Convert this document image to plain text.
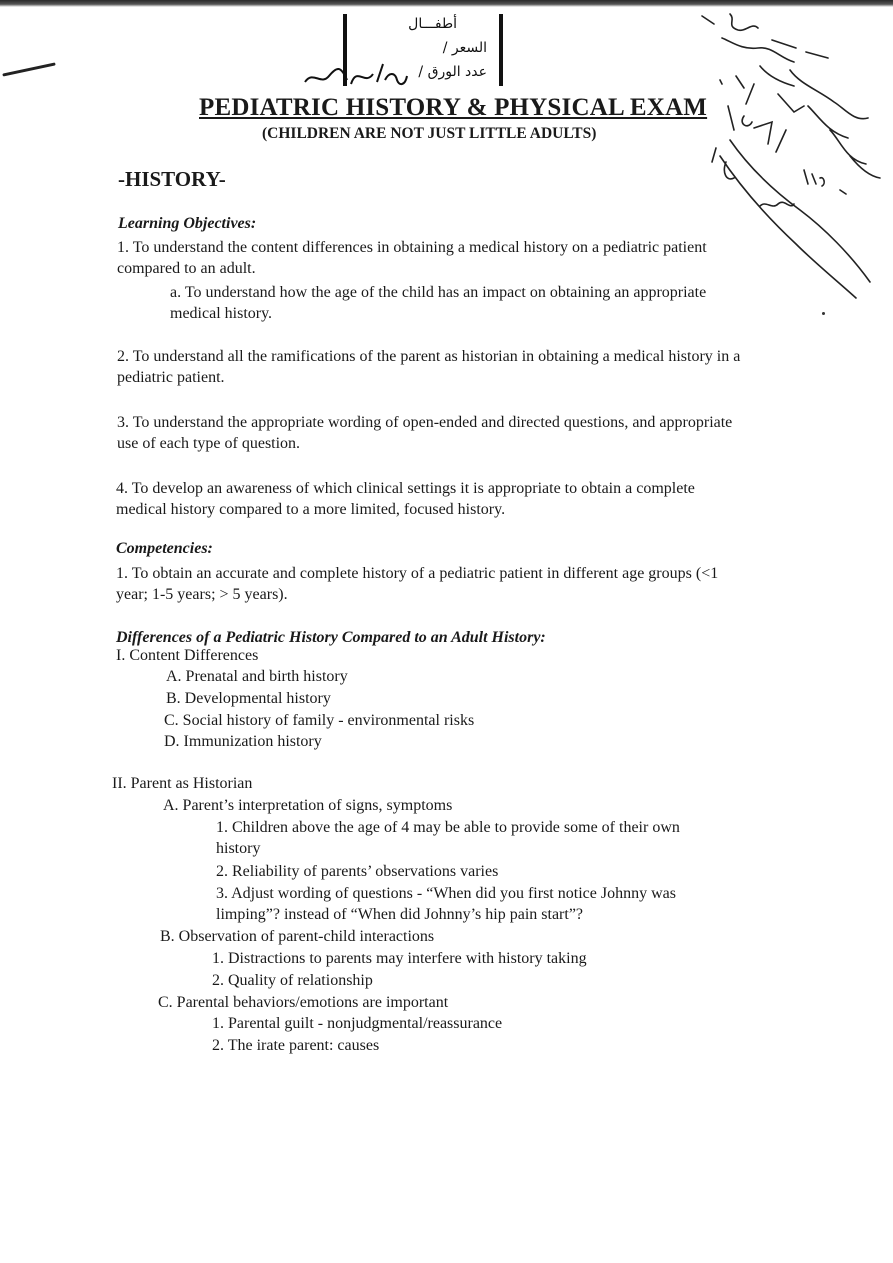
أطفـــال
السعر /
عدد الورق /
PEDIATRIC HISTORY & PHYSICAL EXAM
(CHILDREN ARE NOT JUST LITTLE ADULTS)
-HISTORY-
Learning Objectives:
1. To understand the content differences in obtaining a medical history on a pediatric patient compared to an adult.
a. To understand how the age of the child has an impact on obtaining an appropriate medical history.
2. To understand all the ramifications of the parent as historian in obtaining a medical history in a pediatric patient.
3. To understand the appropriate wording of open-ended and directed questions, and appropriate use of each type of question.
4. To develop an awareness of which clinical settings it is appropriate to obtain a complete medical history compared to a more limited, focused history.
Competencies:
1. To obtain an accurate and complete history of a pediatric patient in different age groups (<1 year; 1-5 years; > 5 years).
Differences of a Pediatric History Compared to an Adult History:
I. Content Differences
A. Prenatal and birth history
B. Developmental history
C. Social history of family - environmental risks
D. Immunization history
II. Parent as Historian
A. Parent’s interpretation of signs, symptoms
1. Children above the age of 4 may be able to provide some of their own
history
2. Reliability of parents’ observations varies
3. Adjust wording of questions - “When did you first notice Johnny was
limping”? instead of “When did Johnny’s hip pain start”?
B. Observation of parent-child interactions
1. Distractions to parents may interfere with history taking
2. Quality of relationship
C. Parental behaviors/emotions are important
1. Parental guilt - nonjudgmental/reassurance
2. The irate parent: causes
